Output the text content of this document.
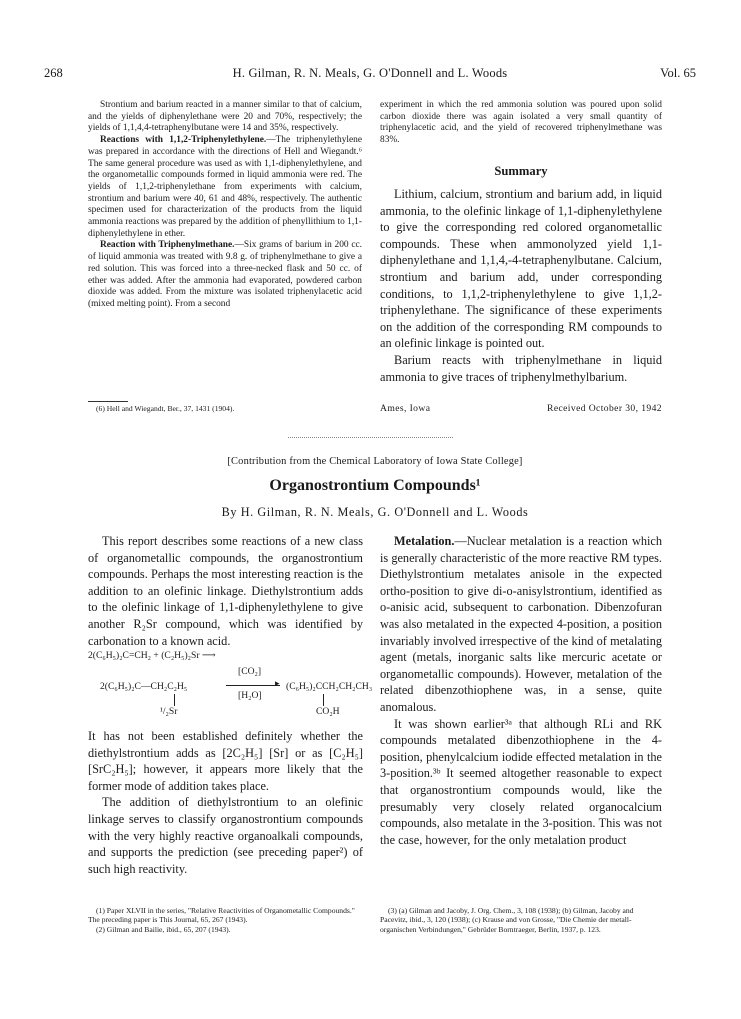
268	H. Gilman, R. N. Meals, G. O'Donnell and L. Woods	Vol. 65

Strontium and barium reacted in a manner similar to that of calcium, and the yields of diphenylethane were 20 and 70%, respectively; the yields of 1,1,4,4-tetraphenylbutane were 14 and 35%, respectively.

Reactions with 1,1,2-Triphenylethylene.—The triphenylethylene was prepared in accordance with the directions of Hell and Wiegandt.⁶ The same general procedure was used as with 1,1-diphenylethylene, and the organometallic compounds formed in liquid ammonia were red. The yields of 1,1,2-triphenylethane from experiments with calcium, strontium and barium were 40, 61 and 48%, respectively. The authentic specimen used for characterization of the products from the liquid ammonia reactions was prepared by the addition of phenyllithium to 1,1-diphenylethylene in ether.

Reaction with Triphenylmethane.—Six grams of barium in 200 cc. of liquid ammonia was treated with 9.8 g. of triphenylmethane to give a red solution. This was forced into a three-necked flask and 50 cc. of ether was added. After the ammonia had evaporated, powdered carbon dioxide was added. From the mixture was isolated triphenylacetic acid (mixed melting point). From a second

(6) Hell and Wiegandt, Ber., 37, 1431 (1904).

experiment in which the red ammonia solution was poured upon solid carbon dioxide there was again isolated a very small quantity of triphenylacetic acid, and the yield of recovered triphenylmethane was 83%.

Summary

Lithium, calcium, strontium and barium add, in liquid ammonia, to the olefinic linkage of 1,1-diphenylethylene to give the corresponding red colored organometallic compounds. These when ammonolyzed yield 1,1-diphenylethane and 1,1,4,-4-tetraphenylbutane. Calcium, strontium and barium add, under corresponding conditions, to 1,1,2-triphenylethylene to give 1,1,2-triphenylethane. The significance of these experiments on the addition of the corresponding RM compounds to an olefinic linkage is pointed out.

Barium reacts with triphenylmethane in liquid ammonia to give traces of triphenylmethylbarium.

Ames, Iowa	Received October 30, 1942
[Contribution from the Chemical Laboratory of Iowa State College]
Organostrontium Compounds¹
By H. Gilman, R. N. Meals, G. O'Donnell and L. Woods

This report describes some reactions of a new class of organometallic compounds, the organostrontium compounds. Perhaps the most interesting reaction is the addition to an olefinic linkage. Diethylstrontium adds to the olefinic linkage of 1,1-diphenylethylene to give another R₂Sr compound, which was identified by carbonation to a known acid.

2(C₆H₅)₂C=CH₂ + (C₂H₅)₂Sr ⟶
[CO₂]
2(C₆H₅)₂C—CH₂C₂H₅	▸
[H₂O]
(C₆H₅)₂CCH₂CH₂CH₃
¹/₂Sr	CO₂H

It has not been established definitely whether the diethylstrontium adds as [2C₂H₅] [Sr] or as [C₂H₅] [SrC₂H₅]; however, it appears more likely that the former mode of addition takes place.

The addition of diethylstrontium to an olefinic linkage serves to classify organostrontium compounds with the very highly reactive organoalkali compounds, and supports the prediction (see preceding paper²) of such high reactivity.

(1) Paper XLVII in the series, "Relative Reactivities of Organometallic Compounds." The preceding paper is This Journal, 65, 267 (1943).

(2) Gilman and Bailie, ibid., 65, 207 (1943).

Metalation.—Nuclear metalation is a reaction which is generally characteristic of the more reactive RM types. Diethylstrontium metalates anisole in the expected ortho-position to give di-o-anisylstrontium, identified as o-anisic acid, subsequent to carbonation. Dibenzofuran was also metalated in the expected 4-position, a position invariably involved irrespective of the kind of metalating agent (metals, inorganic salts like mercuric acetate or organometallic compounds). However, metalation of the related dibenzothiophene was, in a sense, quite anomalous.

It was shown earlier³ᵃ that although RLi and RK compounds metalated dibenzothiophene in the 4-position, phenylcalcium iodide effected metalation in the 3-position.³ᵇ It seemed altogether reasonable to expect that organostrontium compounds would, like the presumably very closely related organocalcium compounds, also metalate in the 3-position. This was not the case, however, for the only metalation product

(3) (a) Gilman and Jacoby, J. Org. Chem., 3, 108 (1938); (b) Gilman, Jacoby and Pacevitz, ibid., 3, 120 (1938); (c) Krause and von Grosse, "Die Chemie der metall-organischen Verbindungen," Gebrüder Borntraeger, Berlin, 1937, p. 123.
